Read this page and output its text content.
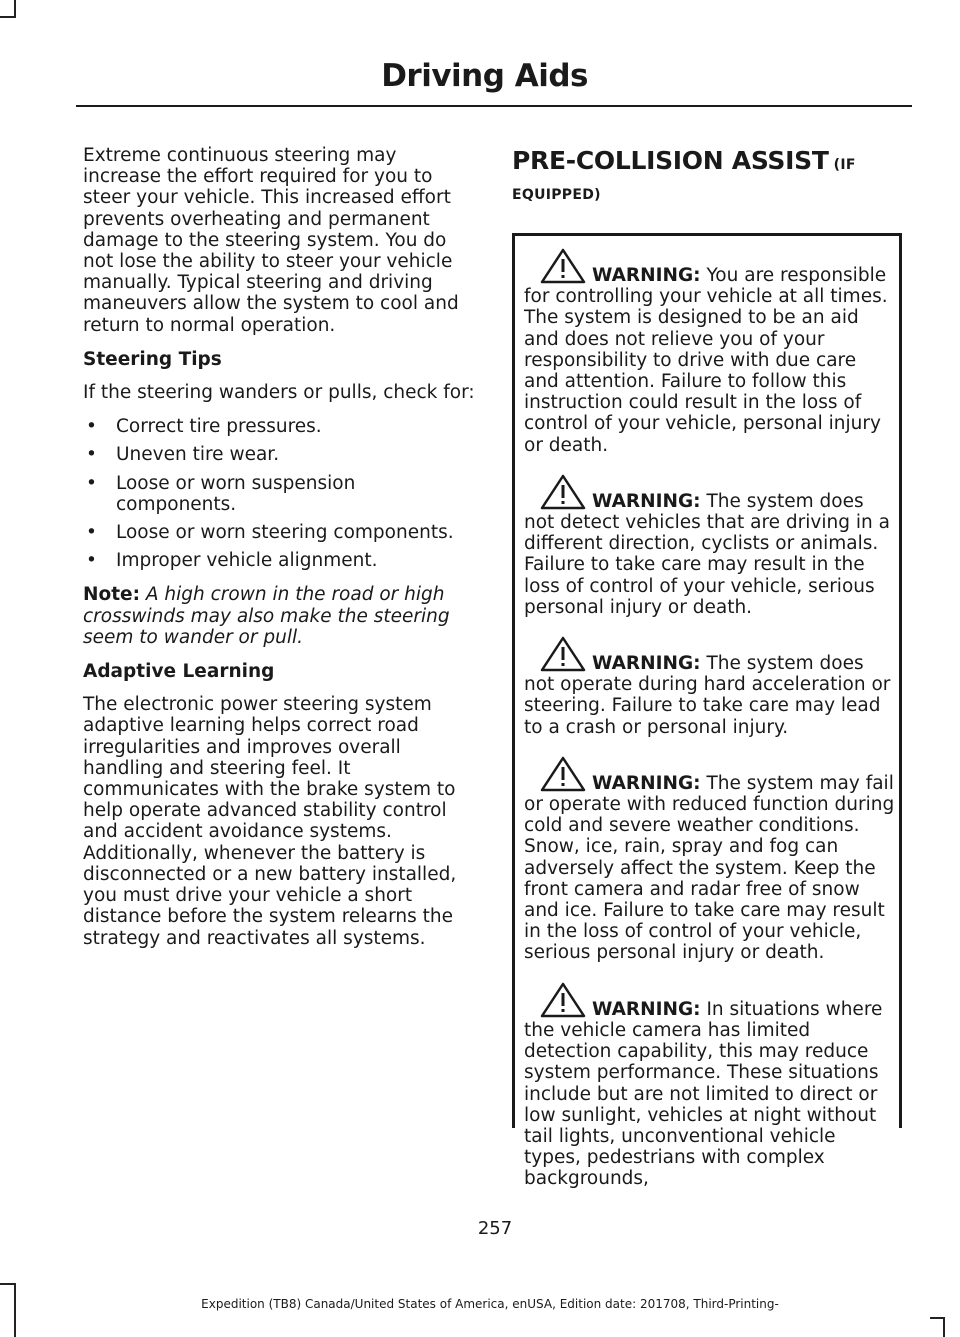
Driving Aids

Extreme continuous steering may increase the effort required for you to steer your vehicle. This increased effort prevents overheating and permanent damage to the steering system. You do not lose the ability to steer your vehicle manually. Typical steering and driving maneuvers allow the system to cool and return to normal operation.

Steering Tips

If the steering wanders or pulls, check for:

• Correct tire pressures.
• Uneven tire wear.
• Loose or worn suspension components.
• Loose or worn steering components.
• Improper vehicle alignment.

Note: A high crown in the road or high crosswinds may also make the steering seem to wander or pull.

Adaptive Learning

The electronic power steering system adaptive learning helps correct road irregularities and improves overall handling and steering feel. It communicates with the brake system to help operate advanced stability control and accident avoidance systems. Additionally, whenever the battery is disconnected or a new battery installed, you must drive your vehicle a short distance before the system relearns the strategy and reactivates all systems.

PRE-COLLISION ASSIST (IF
EQUIPPED)

WARNING: You are responsible for controlling your vehicle at all times. The system is designed to be an aid and does not relieve you of your responsibility to drive with due care and attention. Failure to follow this instruction could result in the loss of control of your vehicle, personal injury or death.

WARNING: The system does not detect vehicles that are driving in a different direction, cyclists or animals. Failure to take care may result in the loss of control of your vehicle, serious personal injury or death.

WARNING: The system does not operate during hard acceleration or steering. Failure to take care may lead to a crash or personal injury.

WARNING: The system may fail or operate with reduced function during cold and severe weather conditions. Snow, ice, rain, spray and fog can adversely affect the system. Keep the front camera and radar free of snow and ice. Failure to take care may result in the loss of control of your vehicle, serious personal injury or death.

WARNING: In situations where the vehicle camera has limited detection capability, this may reduce system performance. These situations include but are not limited to direct or low sunlight, vehicles at night without tail lights, unconventional vehicle types, pedestrians with complex backgrounds,

257
Expedition (TB8) Canada/United States of America, enUSA, Edition date: 201708, Third-Printing-
